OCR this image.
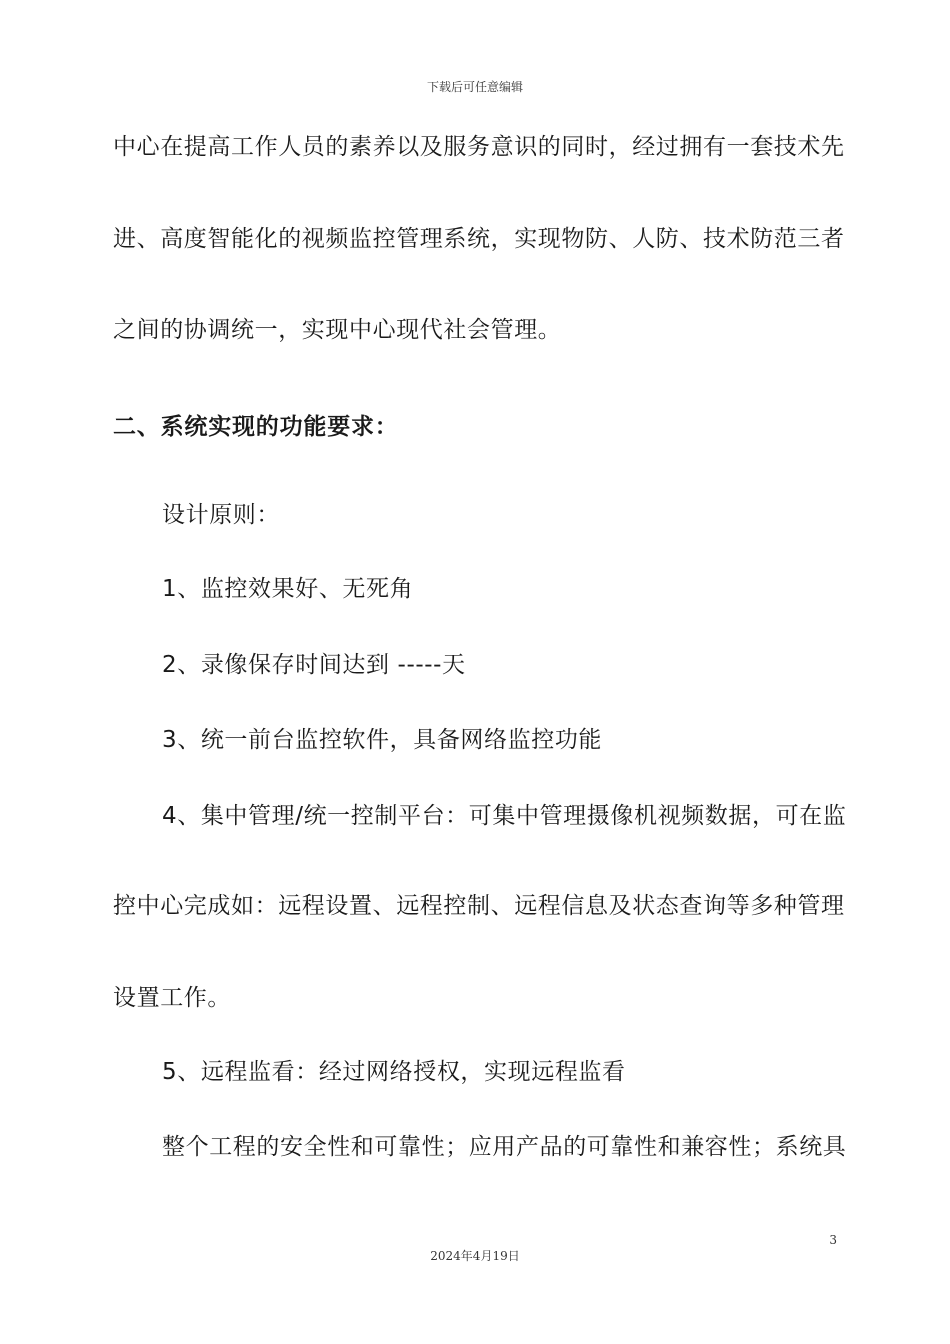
下载后可任意编辑
中心在提高工作人员的素养以及服务意识的同时，经过拥有一套技术先
进、高度智能化的视频监控管理系统，实现物防、人防、技术防范三者
之间的协调统一，实现中心现代社会管理。
二、系统实现的功能要求：
设计原则：
1、监控效果好、无死角
2、录像保存时间达到 -----天
3、统一前台监控软件，具备网络监控功能
4、集中管理/统一控制平台：可集中管理摄像机视频数据，可在监
控中心完成如：远程设置、远程控制、远程信息及状态查询等多种管理
设置工作。
5、远程监看：经过网络授权，实现远程监看
整个工程的安全性和可靠性；应用产品的可靠性和兼容性；系统具
3
2024年4月19日
